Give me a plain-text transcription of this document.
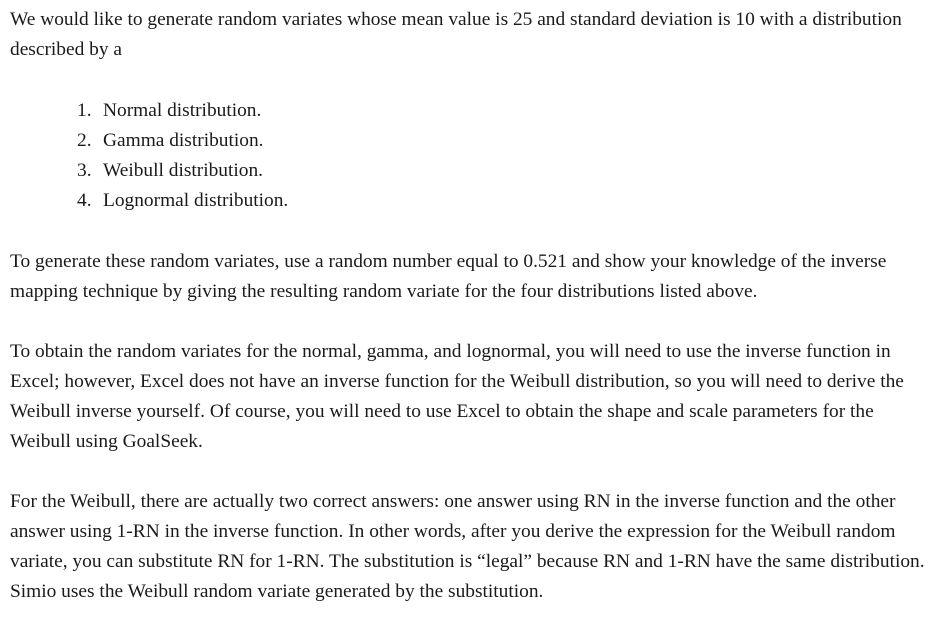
We would like to generate random variates whose mean value is 25 and standard deviation is 10 with a distribution described by a

1. Normal distribution.
2. Gamma distribution.
3. Weibull distribution.
4. Lognormal distribution.

To generate these random variates, use a random number equal to 0.521 and show your knowledge of the inverse mapping technique by giving the resulting random variate for the four distributions listed above.

To obtain the random variates for the normal, gamma, and lognormal, you will need to use the inverse function in Excel; however, Excel does not have an inverse function for the Weibull distribution, so you will need to derive the Weibull inverse yourself. Of course, you will need to use Excel to obtain the shape and scale parameters for the Weibull using GoalSeek.

For the Weibull, there are actually two correct answers: one answer using RN in the inverse function and the other answer using 1-RN in the inverse function. In other words, after you derive the expression for the Weibull random variate, you can substitute RN for 1-RN. The substitution is “legal” because RN and 1-RN have the same distribution. Simio uses the Weibull random variate generated by the substitution.
